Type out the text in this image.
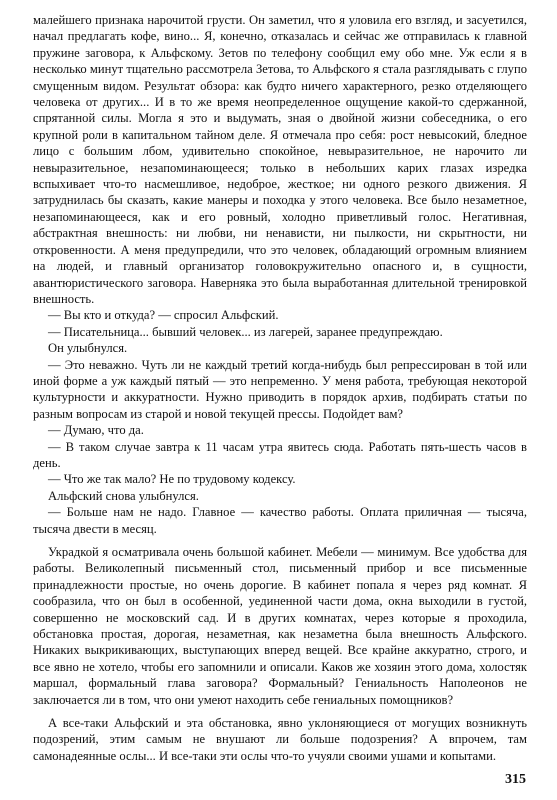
малейшего признака нарочитой грусти. Он заметил, что я уловила его взгляд, и засуетился, начал предлагать кофе, вино... Я, конечно, отказалась и сейчас же отправилась к главной пружине заговора, к Альфскому. Зетов по телефону сообщил ему обо мне. Уж если я в несколько минут тщательно рассмотрела Зетова, то Альфского я стала разглядывать с глупо смущенным видом. Результат обзора: как будто ничего характерного, резко отделяющего человека от других... И в то же время неопределенное ощущение какой-то сдержанной, спрятанной силы. Могла я это и выдумать, зная о двойной жизни собеседника, о его крупной роли в капитальном тайном деле. Я отмечала про себя: рост невысокий, бледное лицо с большим лбом, удивительно спокойное, невыразительное, не нарочито ли невыразительное, незапоминающееся; только в небольших карих глазах изредка вспыхивает что-то насмешливое, недоброе, жесткое; ни одного резкого движения. Я затруднилась бы сказать, какие манеры и походка у этого человека. Все было незаметное, незапоминающееся, как и его ровный, холодно приветливый голос. Негативная, абстрактная внешность: ни любви, ни ненависти, ни пылкости, ни скрытности, ни откровенности. А меня предупредили, что это человек, обладающий огромным влиянием на людей, и главный организатор головокружительно опасного и, в сущности, авантюристического заговора. Наверняка это была выработанная длительной тренировкой внешность.

— Вы кто и откуда? — спросил Альфский.

— Писательница... бывший человек... из лагерей, заранее предупреждаю.

Он улыбнулся.

— Это неважно. Чуть ли не каждый третий когда-нибудь был репрессирован в той или иной форме а уж каждый пятый — это непременно. У меня работа, требующая некоторой культурности и аккуратности. Нужно приводить в порядок архив, подбирать статьи по разным вопросам из старой и новой текущей прессы. Подойдет вам?

— Думаю, что да.

— В таком случае завтра к 11 часам утра явитесь сюда. Работать пять-шесть часов в день.

— Что же так мало? Не по трудовому кодексу.

Альфский снова улыбнулся.

— Больше нам не надо. Главное — качество работы. Оплата приличная — тысяча, тысяча двести в месяц.

Украдкой я осматривала очень большой кабинет. Мебели — минимум. Все удобства для работы. Великолепный письменный стол, письменный прибор и все письменные принадлежности простые, но очень дорогие. В кабинет попала я через ряд комнат. Я сообразила, что он был в особенной, уединенной части дома, окна выходили в густой, совершенно не московский сад. И в других комнатах, через которые я проходила, обстановка простая, дорогая, незаметная, как незаметна была внешность Альфского. Никаких выкрикивающих, выступающих вперед вещей. Все крайне аккуратно, строго, и все явно не хотело, чтобы его запомнили и описали. Каков же хозяин этого дома, холостяк маршал, формальный глава заговора? Формальный? Гениальность Наполеонов не заключается ли в том, что они умеют находить себе гениальных помощников?

А все-таки Альфский и эта обстановка, явно уклоняющиеся от могущих возникнуть подозрений, этим самым не внушают ли больше подозрения? А впрочем, там самонадеянные ослы... И все-таки эти ослы что-то учуяли своими ушами и копытами.

315
